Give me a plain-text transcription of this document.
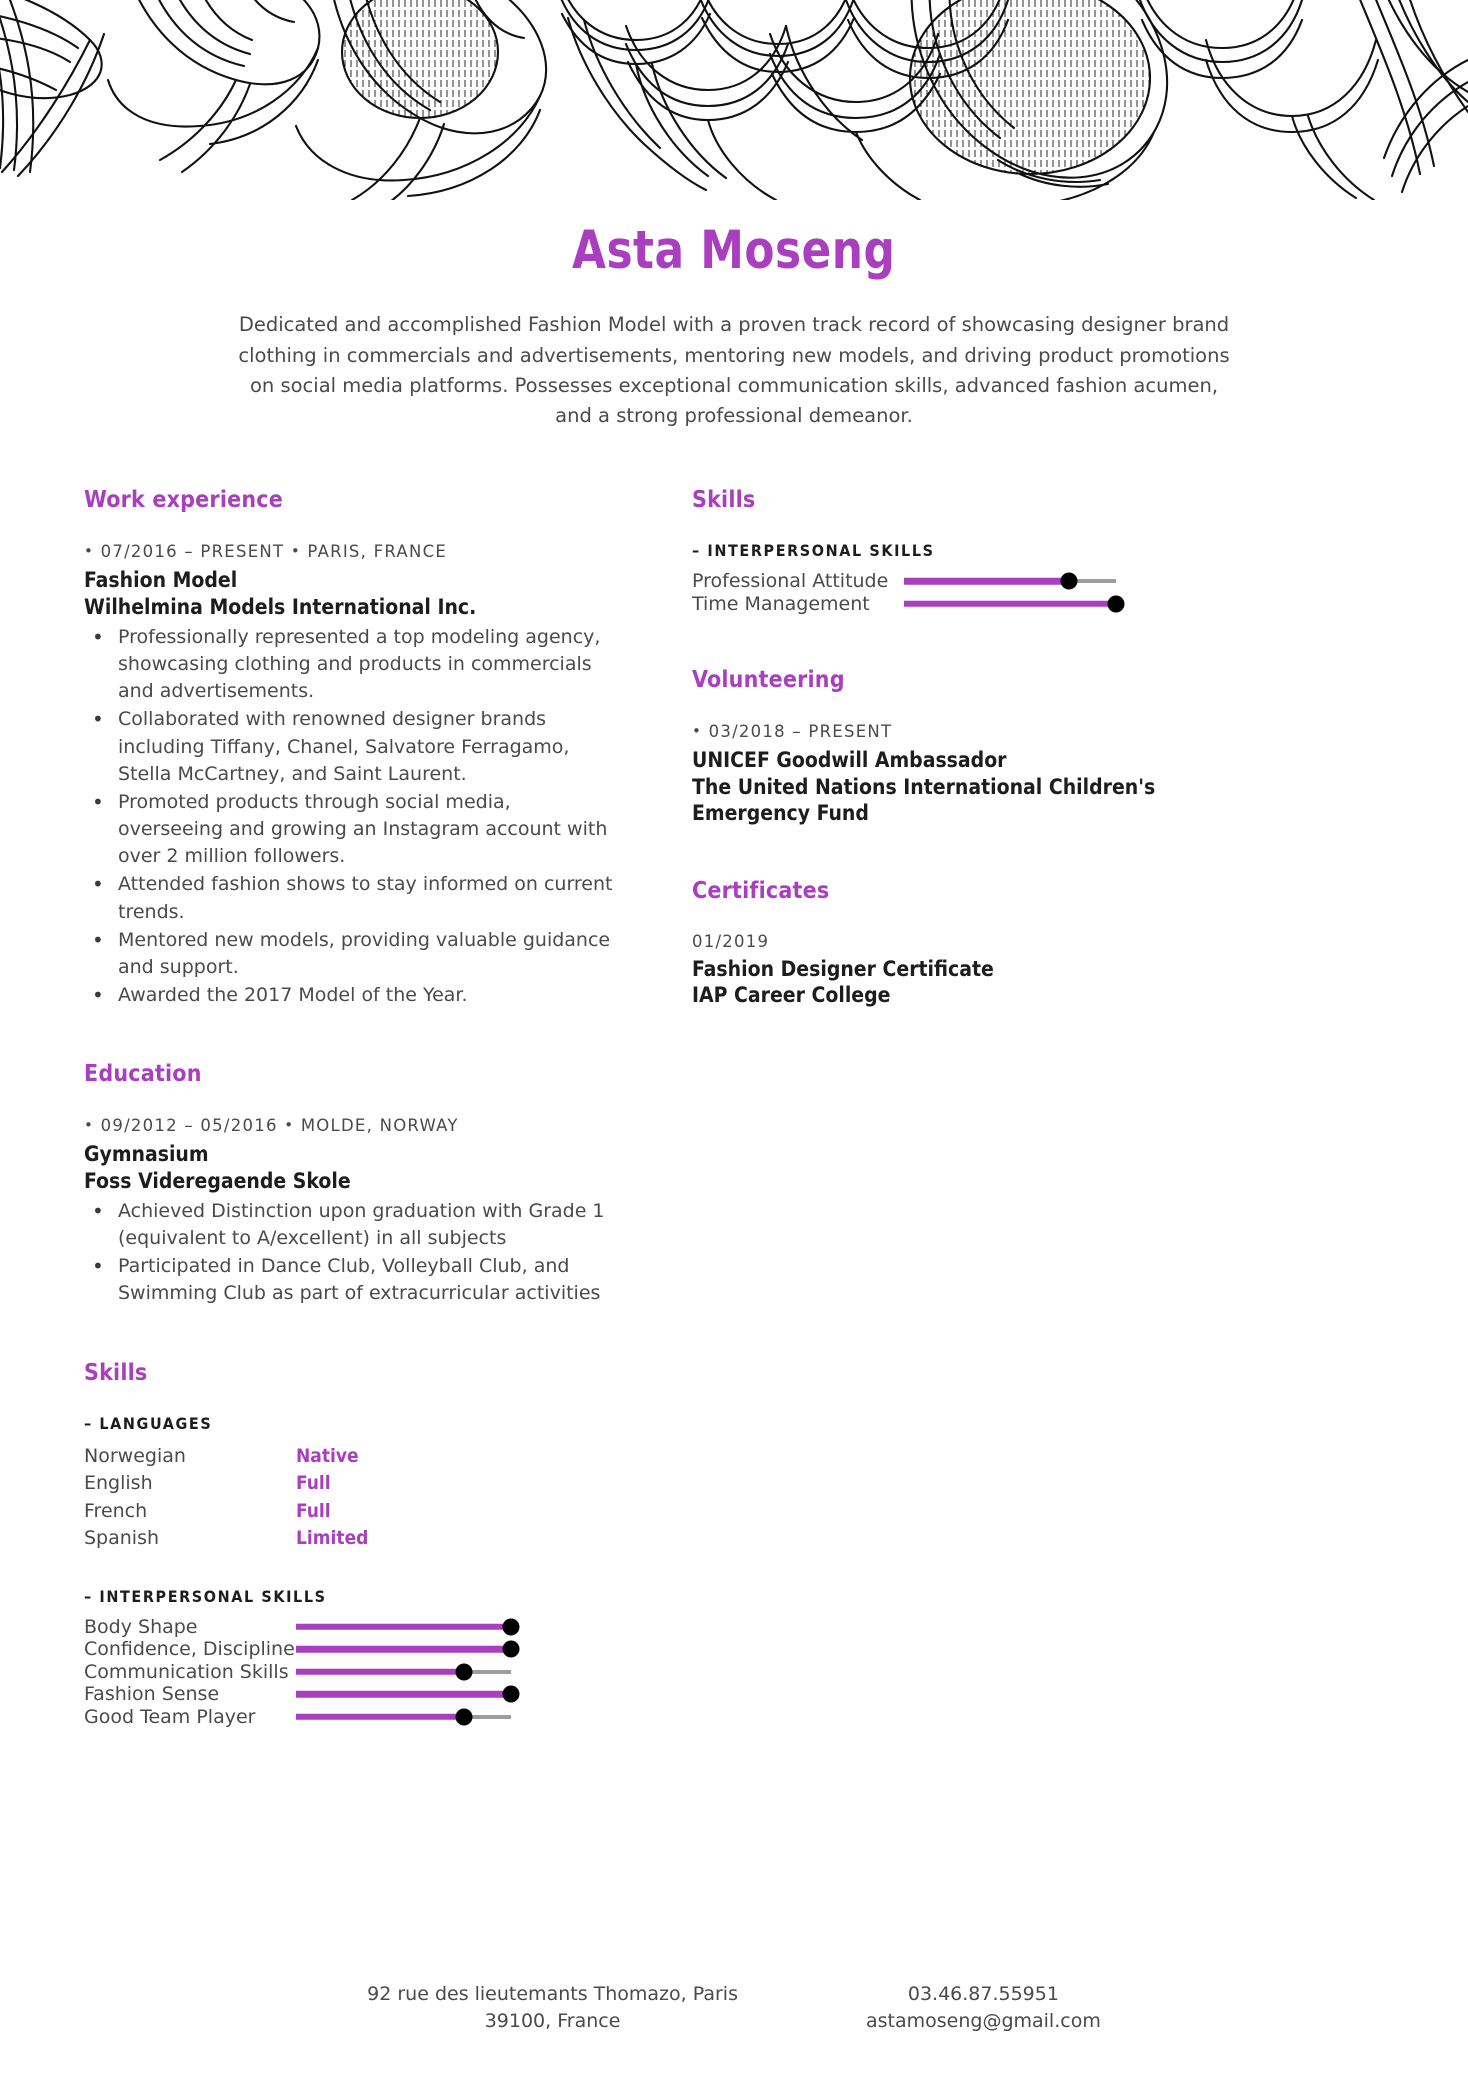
Asta Moseng
Dedicated and accomplished Fashion Model with a proven track record of showcasing designer brand clothing in commercials and advertisements, mentoring new models, and driving product promotions on social media platforms. Possesses exceptional communication skills, advanced fashion acumen, and a strong professional demeanor.
Work experience
• 07/2016 – PRESENT • PARIS, FRANCE
Fashion Model
Wilhelmina Models International Inc.
• Professionally represented a top modeling agency, showcasing clothing and products in commercials and advertisements.
• Collaborated with renowned designer brands including Tiffany, Chanel, Salvatore Ferragamo, Stella McCartney, and Saint Laurent.
• Promoted products through social media, overseeing and growing an Instagram account with over 2 million followers.
• Attended fashion shows to stay informed on current trends.
• Mentored new models, providing valuable guidance and support.
• Awarded the 2017 Model of the Year.
Education
• 09/2012 – 05/2016 • MOLDE, NORWAY
Gymnasium
Foss Videregaende Skole
• Achieved Distinction upon graduation with Grade 1 (equivalent to A/excellent) in all subjects
• Participated in Dance Club, Volleyball Club, and Swimming Club as part of extracurricular activities
Skills
– LANGUAGES
Norwegian	Native
English	Full
French	Full
Spanish	Limited
– INTERPERSONAL SKILLS
Body Shape
Confidence, Discipline
Communication Skills
Fashion Sense
Good Team Player
Skills
– INTERPERSONAL SKILLS
Professional Attitude
Time Management
Volunteering
• 03/2018 – PRESENT
UNICEF Goodwill Ambassador
The United Nations International Children's Emergency Fund
Certificates
01/2019
Fashion Designer Certificate
IAP Career College
92 rue des lieutemants Thomazo, Paris
39100, France
03.46.87.55951
astamoseng@gmail.com
